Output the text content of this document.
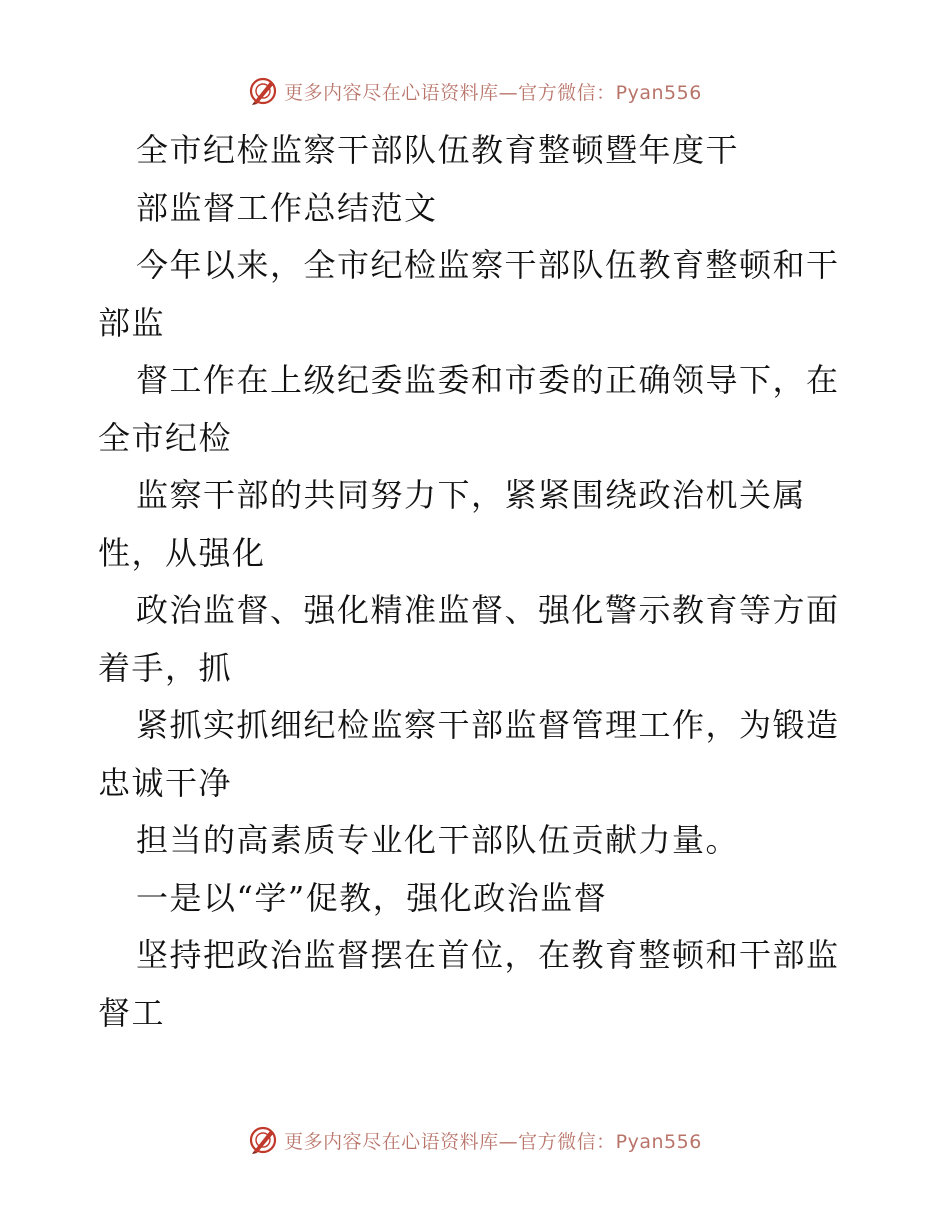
更多内容尽在心语资料库—官方微信：Pyan556
全市纪检监察干部队伍教育整顿暨年度干
部监督工作总结范文
今年以来，全市纪检监察干部队伍教育整顿和干
部监
督工作在上级纪委监委和市委的正确领导下，在
全市纪检
监察干部的共同努力下，紧紧围绕政治机关属
性，从强化
政治监督、强化精准监督、强化警示教育等方面
着手，抓
紧抓实抓细纪检监察干部监督管理工作，为锻造
忠诚干净
担当的高素质专业化干部队伍贡献力量。
一是以“学”促教，强化政治监督
坚持把政治监督摆在首位，在教育整顿和干部监
督工
更多内容尽在心语资料库—官方微信：Pyan556
